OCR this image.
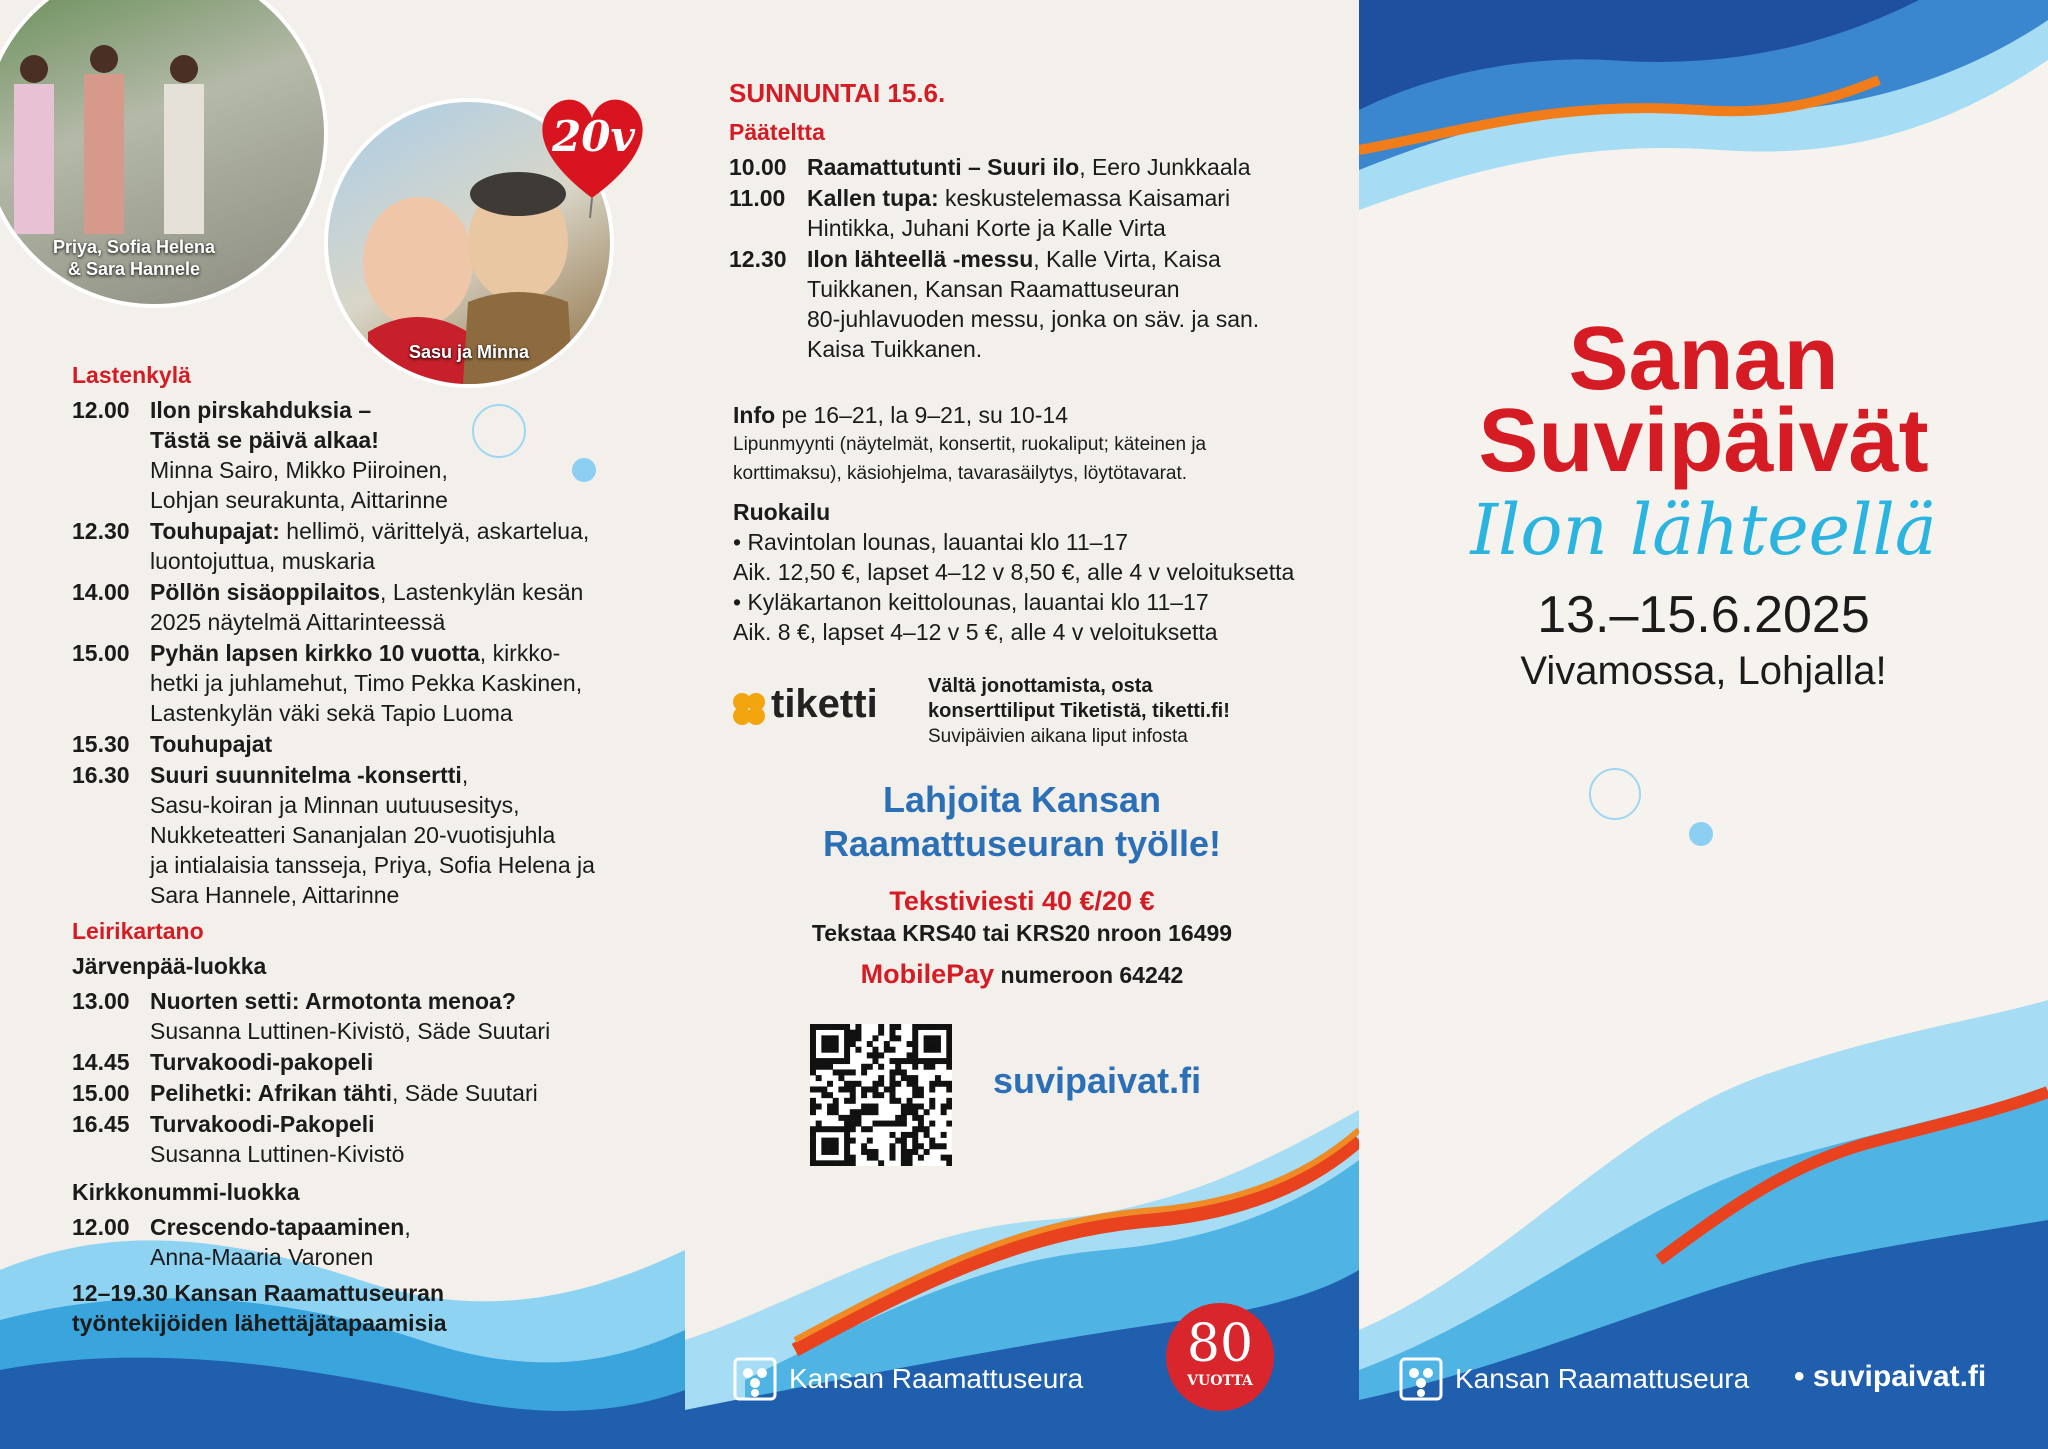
Priya, Sofia Helena
& Sara Hannele
Sasu ja Minna
20v
Lastenkylä
12.00 Ilon pirskahduksia –
Tästä se päivä alkaa!
Minna Sairo, Mikko Piiroinen,
Lohjan seurakunta, Aittarinne
12.30 Touhupajat: hellimö, värittelyä, askartelua,
luontojuttua, muskaria
14.00 Pöllön sisäoppilaitos, Lastenkylän kesän
2025 näytelmä Aittarinteessä
15.00 Pyhän lapsen kirkko 10 vuotta, kirkko-
hetki ja juhlamehut, Timo Pekka Kaskinen,
Lastenkylän väki sekä Tapio Luoma
15.30 Touhupajat
16.30 Suuri suunnitelma -konsertti,
Sasu-koiran ja Minnan uutuusesitys,
Nukketeatteri Sananjalan 20-vuotisjuhla
ja intialaisia tansseja, Priya, Sofia Helena ja
Sara Hannele, Aittarinne
Leirikartano
Järvenpää-luokka
13.00 Nuorten setti: Armotonta menoa?
Susanna Luttinen-Kivistö, Säde Suutari
14.45 Turvakoodi-pakopeli
15.00 Pelihetki: Afrikan tähti, Säde Suutari
16.45 Turvakoodi-Pakopeli
Susanna Luttinen-Kivistö
Kirkkonummi-luokka
12.00 Crescendo-tapaaminen,
Anna-Maaria Varonen
12–19.30 Kansan Raamattuseuran
työntekijöiden lähettäjätapaamisia
SUNNUNTAI 15.6.
Pääteltta
10.00 Raamattutunti – Suuri ilo, Eero Junkkaala
11.00 Kallen tupa: keskustelemassa Kaisamari
Hintikka, Juhani Korte ja Kalle Virta
12.30 Ilon lähteellä -messu, Kalle Virta, Kaisa
Tuikkanen, Kansan Raamattuseuran
80-juhlavuoden messu, jonka on säv. ja san.
Kaisa Tuikkanen.
Info pe 16–21, la 9–21, su 10-14
Lipunmyynti (näytelmät, konsertit, ruokaliput; käteinen ja
korttimaksu), käsiohjelma, tavarasäilytys, löytötavarat.
Ruokailu
• Ravintolan lounas, lauantai klo 11–17
Aik. 12,50 €, lapset 4–12 v 8,50 €, alle 4 v veloituksetta
• Kyläkartanon keittolounas, lauantai klo 11–17
Aik. 8 €, lapset 4–12 v 5 €, alle 4 v veloituksetta
tiketti	Vältä jonottamista, osta
konserttiliput Tiketistä, tiketti.fi!
Suvipäivien aikana liput infosta
Lahjoita Kansan
Raamattuseuran työlle!
Tekstiviesti 40 €/20 €
Tekstaa KRS40 tai KRS20 nroon 16499
MobilePay numeroon 64242
suvipaivat.fi
Kansan Raamattuseura
80
VUOTTA
Sanan
Suvipäivät
Ilon lähteellä
13.–15.6.2025
Vivamossa, Lohjalla!
Kansan Raamattuseura • suvipaivat.fi
